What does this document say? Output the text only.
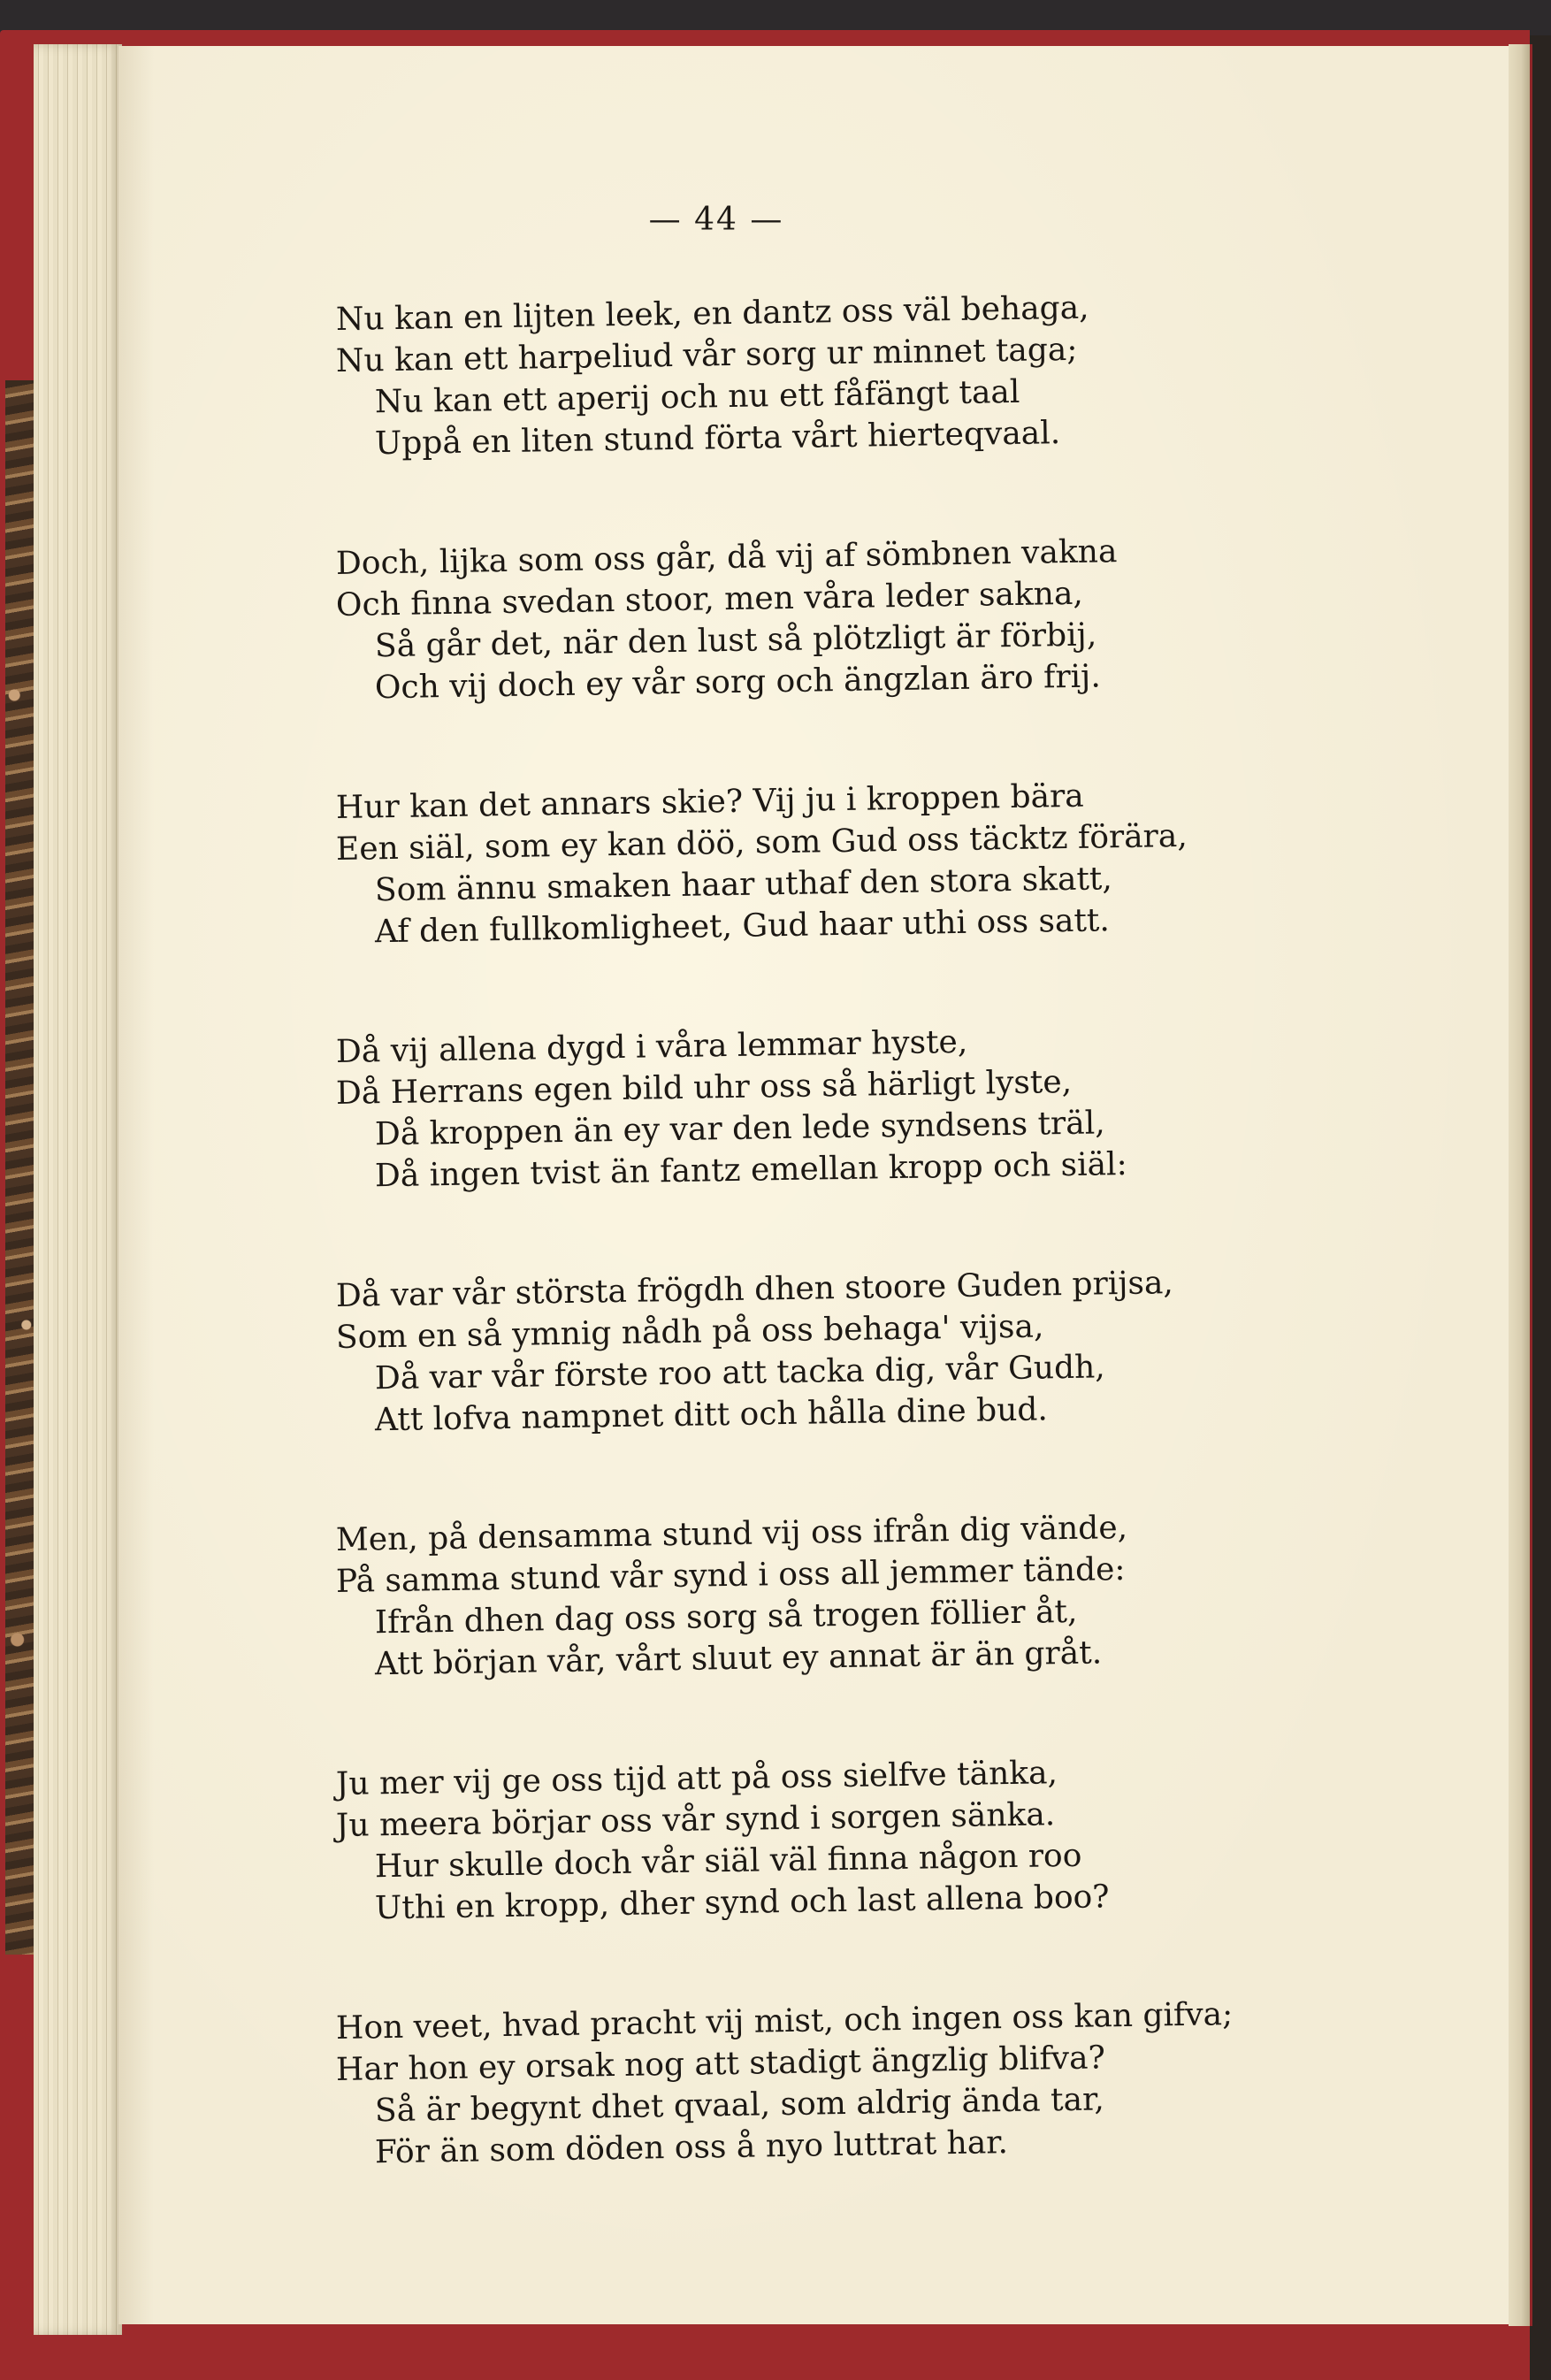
— 44 —
Nu kan en lijten leek, en dantz oss väl behaga,
Nu kan ett harpeliud vår sorg ur minnet taga;
Nu kan ett aperij och nu ett fåfängt taal
Uppå en liten stund förta vårt hierteqvaal.
Doch, lijka som oss går, då vij af sömbnen vakna
Och finna svedan stoor, men våra leder sakna,
Så går det, när den lust så plötzligt är förbij,
Och vij doch ey vår sorg och ängzlan äro frij.
Hur kan det annars skie? Vij ju i kroppen bära
Een siäl, som ey kan döö, som Gud oss täcktz förära,
Som ännu smaken haar uthaf den stora skatt,
Af den fullkomligheet, Gud haar uthi oss satt.
Då vij allena dygd i våra lemmar hyste,
Då Herrans egen bild uhr oss så härligt lyste,
Då kroppen än ey var den lede syndsens träl,
Då ingen tvist än fantz emellan kropp och siäl:
Då var vår största frögdh dhen stoore Guden prijsa,
Som en så ymnig nådh på oss behaga' vijsa,
Då var vår förste roo att tacka dig, vår Gudh,
Att lofva nampnet ditt och hålla dine bud.
Men, på densamma stund vij oss ifrån dig vände,
På samma stund vår synd i oss all jemmer tände:
Ifrån dhen dag oss sorg så trogen föllier åt,
Att början vår, vårt sluut ey annat är än gråt.
Ju mer vij ge oss tijd att på oss sielfve tänka,
Ju meera börjar oss vår synd i sorgen sänka.
Hur skulle doch vår siäl väl finna någon roo
Uthi en kropp, dher synd och last allena boo?
Hon veet, hvad pracht vij mist, och ingen oss kan gifva;
Har hon ey orsak nog att stadigt ängzlig blifva?
Så är begynt dhet qvaal, som aldrig ända tar,
För än som döden oss å nyo luttrat har.
